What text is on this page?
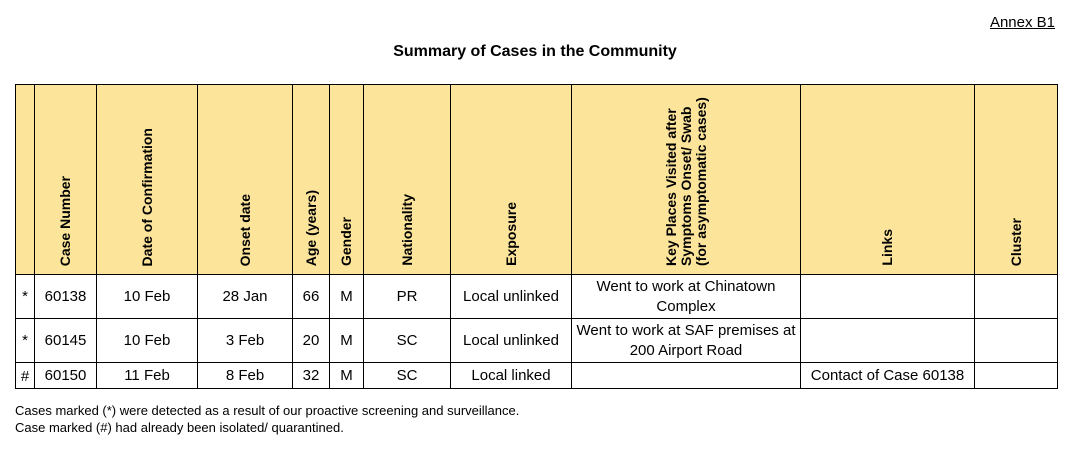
Annex B1
Summary of Cases in the Community

	Case Number	Date of Confirmation	Onset date	Age (years)	Gender	Nationality	Exposure	Key Places Visited after Symptoms Onset/ Swab (for asymptomatic cases)	Links	Cluster

*	60138	10 Feb	28 Jan	66	M	PR	Local unlinked	Went to work at Chinatown Complex		
*	60145	10 Feb	3 Feb	20	M	SC	Local unlinked	Went to work at SAF premises at 200 Airport Road		
#	60150	11 Feb	8 Feb	32	M	SC	Local linked		Contact of Case 60138	
Cases marked (*) were detected as a result of our proactive screening and surveillance.
Case marked (#) had already been isolated/ quarantined.
